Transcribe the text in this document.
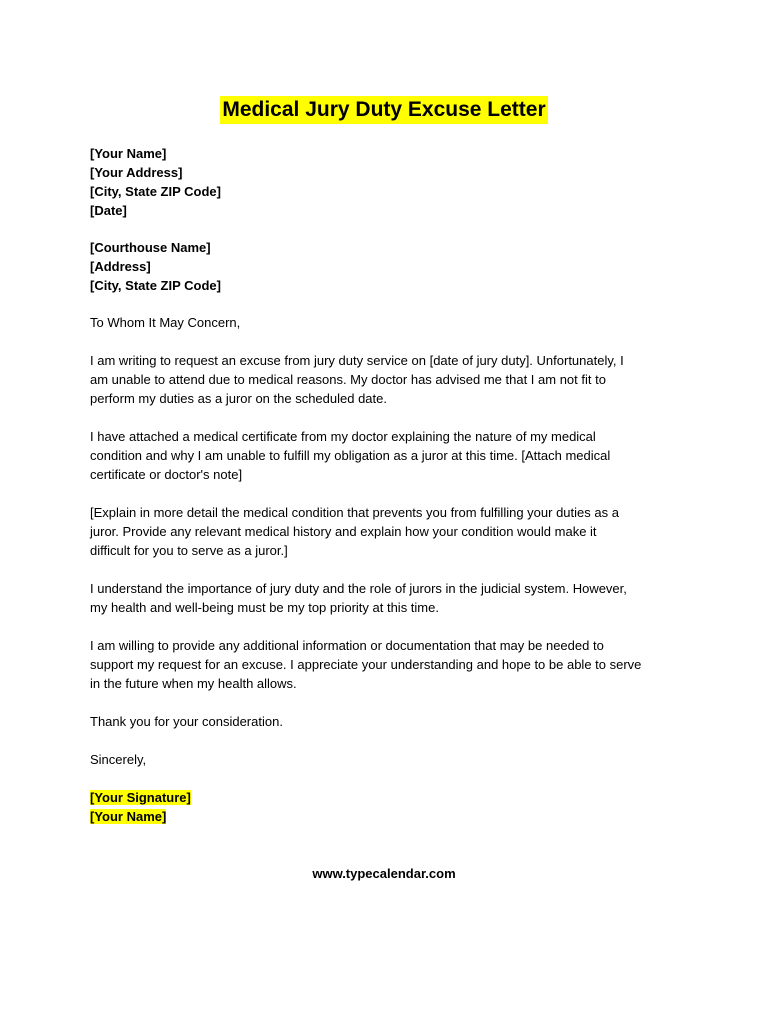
Medical Jury Duty Excuse Letter
[Your Name]
[Your Address]
[City, State ZIP Code]
[Date]
[Courthouse Name]
[Address]
[City, State ZIP Code]
To Whom It May Concern,
I am writing to request an excuse from jury duty service on [date of jury duty]. Unfortunately, I
am unable to attend due to medical reasons. My doctor has advised me that I am not fit to
perform my duties as a juror on the scheduled date.
I have attached a medical certificate from my doctor explaining the nature of my medical
condition and why I am unable to fulfill my obligation as a juror at this time. [Attach medical
certificate or doctor's note]
[Explain in more detail the medical condition that prevents you from fulfilling your duties as a
juror. Provide any relevant medical history and explain how your condition would make it
difficult for you to serve as a juror.]
I understand the importance of jury duty and the role of jurors in the judicial system. However,
my health and well-being must be my top priority at this time.
I am willing to provide any additional information or documentation that may be needed to
support my request for an excuse. I appreciate your understanding and hope to be able to serve
in the future when my health allows.
Thank you for your consideration.
Sincerely,
[Your Signature]
[Your Name]
www.typecalendar.com
